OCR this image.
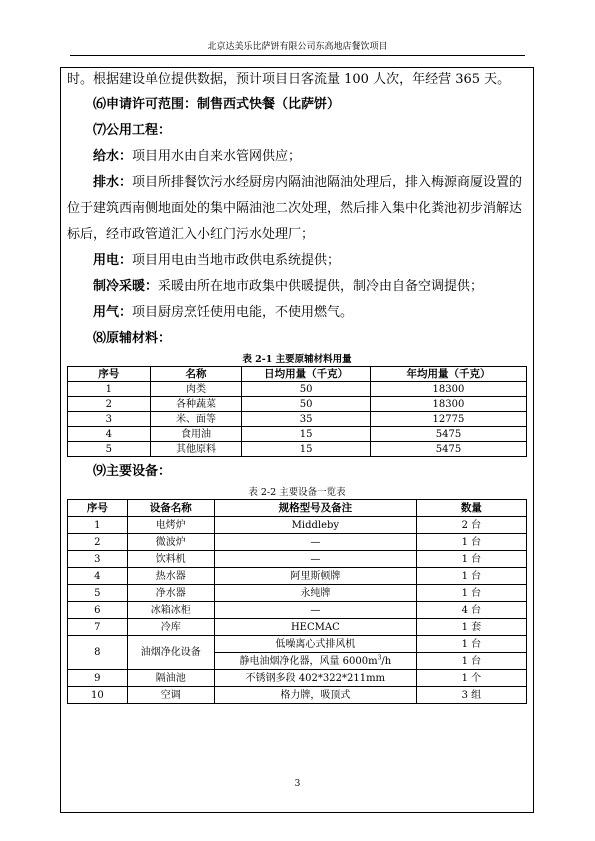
北京达美乐比萨饼有限公司东高地店餐饮项目

时。根据建设单位提供数据，预计项目日客流量 100 人次，年经营 365 天。

⑹申请许可范围：制售西式快餐（比萨饼）

⑺公用工程：

给水：项目用水由自来水管网供应；

排水：项目所排餐饮污水经厨房内隔油池隔油处理后，排入梅源商厦设置的位于建筑西南侧地面处的集中隔油池二次处理，然后排入集中化粪池初步消解达标后，经市政管道汇入小红门污水处理厂；

用电：项目用电由当地市政供电系统提供；

制冷采暖：采暖由所在地市政集中供暖提供，制冷由自备空调提供；

用气：项目厨房烹饪使用电能，不使用燃气。

⑻原辅材料：

表 2-1 主要原辅材料用量

序号	名称	日均用量（千克）	年均用量（千克）
1	肉类	50	18300
2	各种蔬菜	50	18300
3	米、面等	35	12775
4	食用油	15	5475
5	其他原料	15	5475

⑼主要设备：

表 2-2 主要设备一览表

序号	设备名称	规格型号及备注	数量
1	电烤炉	Middleby	2 台
2	微波炉	—	1 台
3	饮料机	—	1 台
4	热水器	阿里斯顿牌	1 台
5	净水器	永纯牌	1 台
6	冰箱冰柜	—	4 台
7	冷库	HECMAC	1 套
8	油烟净化设备	低噪离心式排风机	1 台
		静电油烟净化器，风量 $6000m^3/h$	1 台
9	隔油池	不锈钢多段 402*322*211mm	1 个
10	空调	格力牌，吸顶式	3 组
3
